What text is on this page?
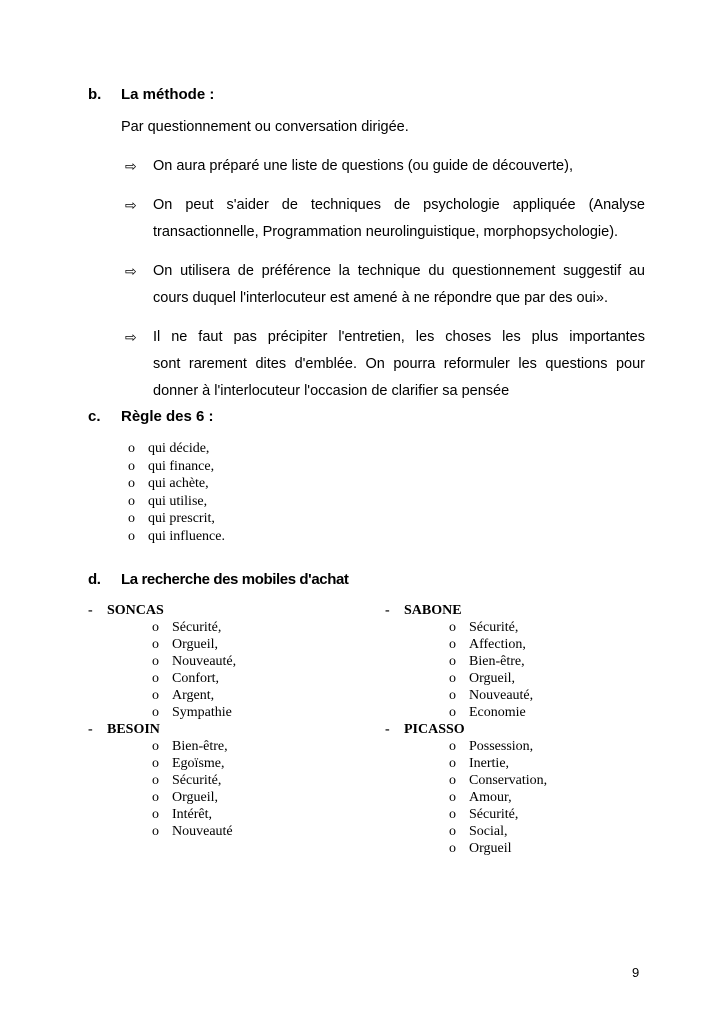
b. La méthode :
Par questionnement ou conversation dirigée.
⇨ On aura préparé une liste de questions (ou guide de découverte),
⇨ On peut s'aider de techniques de psychologie appliquée (Analyse
transactionnelle, Programmation neurolinguistique, morphopsychologie).
⇨ On utilisera de préférence la technique du questionnement suggestif au
cours duquel l'interlocuteur est amené à ne répondre que par des oui».
⇨ Il ne faut pas précipiter l'entretien, les choses les plus importantes
sont rarement dites d'emblée. On pourra reformuler les questions pour
donner à l'interlocuteur l'occasion de clarifier sa pensée
c. Règle des 6 :
o qui décide,
o qui finance,
o qui achète,
o qui utilise,
o qui prescrit,
o qui influence.
d. La recherche des mobiles d'achat
- SONCAS
o Sécurité,
o Orgueil,
o Nouveauté,
o Confort,
o Argent,
o Sympathie
- BESOIN
o Bien-être,
o Egoïsme,
o Sécurité,
o Orgueil,
o Intérêt,
o Nouveauté
- SABONE
o Sécurité,
o Affection,
o Bien-être,
o Orgueil,
o Nouveauté,
o Economie
- PICASSO
o Possession,
o Inertie,
o Conservation,
o Amour,
o Sécurité,
o Social,
o Orgueil
9
